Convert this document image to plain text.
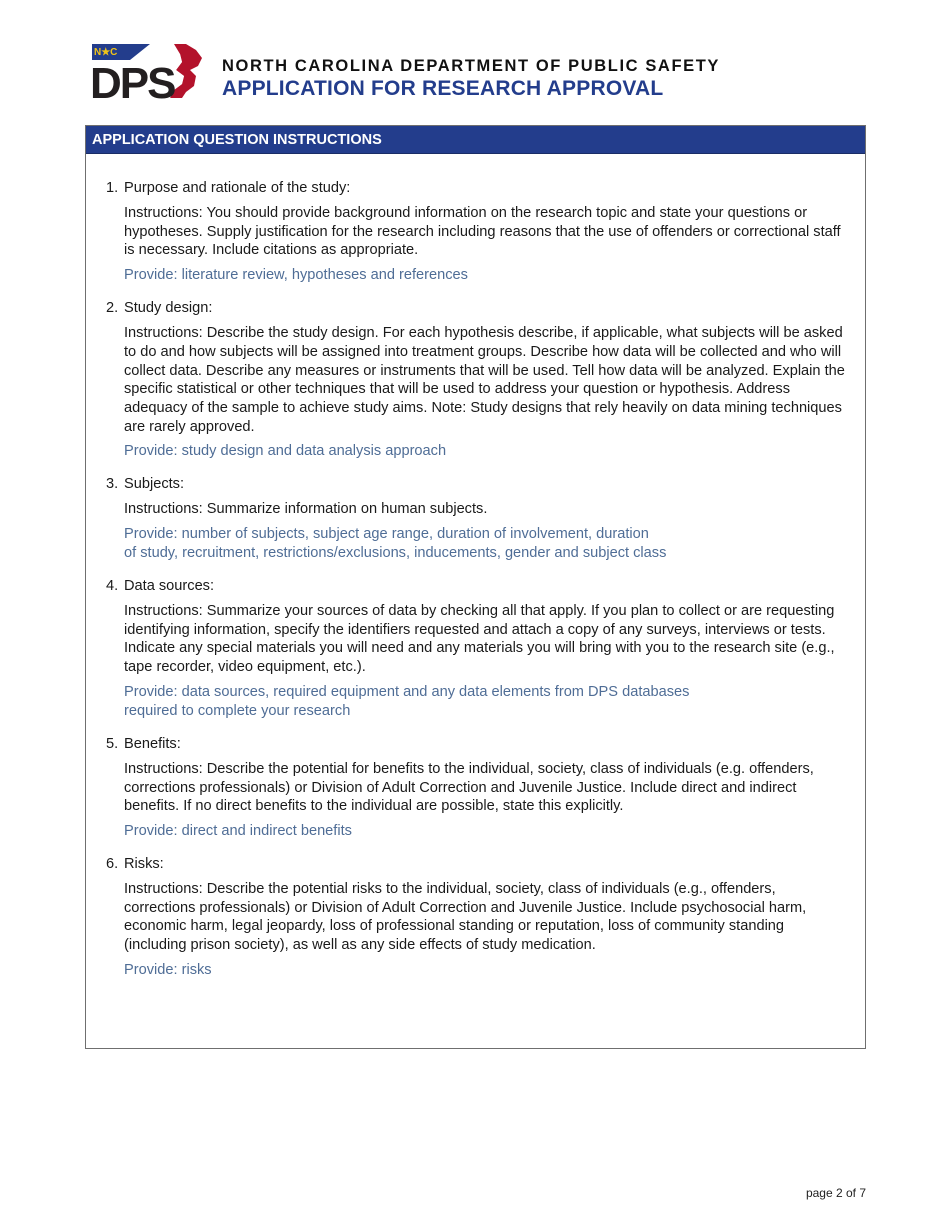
N★C
DPS	NORTH CAROLINA DEPARTMENT OF PUBLIC SAFETY
APPLICATION FOR RESEARCH APPROVAL
APPLICATION QUESTION INSTRUCTIONS
1. Purpose and rationale of the study:
Instructions: You should provide background information on the research topic and state your questions or hypotheses. Supply justification for the research including reasons that the use of offenders or correctional staff is necessary. Include citations as appropriate.
Provide: literature review, hypotheses and references
2. Study design:
Instructions: Describe the study design. For each hypothesis describe, if applicable, what subjects will be asked to do and how subjects will be assigned into treatment groups. Describe how data will be collected and who will collect data. Describe any measures or instruments that will be used. Tell how data will be analyzed. Explain the specific statistical or other techniques that will be used to address your question or hypothesis. Address adequacy of the sample to achieve study aims. Note: Study designs that rely heavily on data mining techniques are rarely approved.
Provide: study design and data analysis approach
3. Subjects:
Instructions: Summarize information on human subjects.
Provide: number of subjects, subject age range, duration of involvement, duration
of study, recruitment, restrictions/exclusions, inducements, gender and subject class
4. Data sources:
Instructions: Summarize your sources of data by checking all that apply. If you plan to collect or are requesting identifying information, specify the identifiers requested and attach a copy of any surveys, interviews or tests. Indicate any special materials you will need and any materials you will bring with you to the research site (e.g., tape recorder, video equipment, etc.).
Provide: data sources, required equipment and any data elements from DPS databases
required to complete your research
5. Benefits:
Instructions: Describe the potential for benefits to the individual, society, class of individuals (e.g. offenders, corrections professionals) or Division of Adult Correction and Juvenile Justice. Include direct and indirect benefits. If no direct benefits to the individual are possible, state this explicitly.
Provide: direct and indirect benefits
6. Risks:
Instructions: Describe the potential risks to the individual, society, class of individuals (e.g., offenders, corrections professionals) or Division of Adult Correction and Juvenile Justice. Include psychosocial harm, economic harm, legal jeopardy, loss of professional standing or reputation, loss of community standing (including prison society), as well as any side effects of study medication.
Provide: risks
page 2 of 7
